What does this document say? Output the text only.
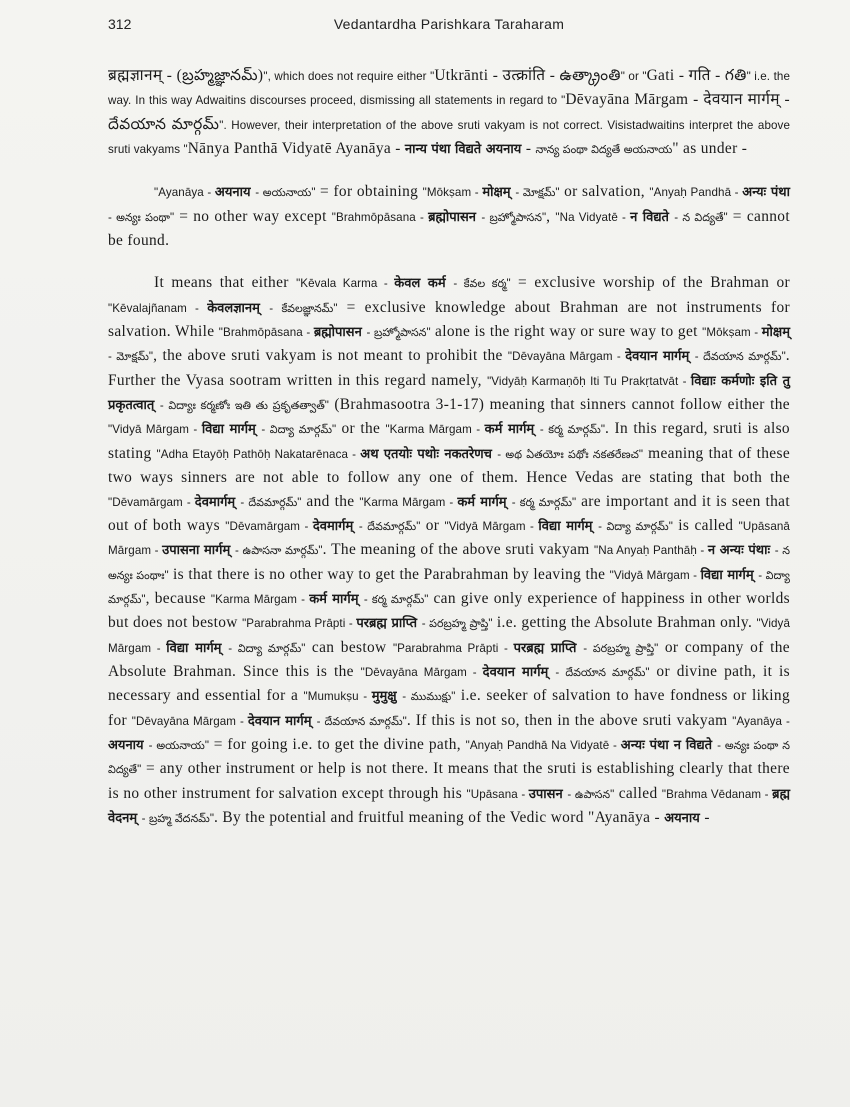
312	Vedantardha Parishkara Taraharam

ब्रह्मज्ञानम् - (బ్రహ్మజ్ఞానమ్)", which does not require either "Utkrānti - उत्क्रांति - ఉత్క్రాంతి" or "Gati - गति - గతి" i.e. the way. In this way Adwaitins discourses proceed, dismissing all statements in regard to "Dēvayāna Mārgam - देवयान मार्गम् - దేవయాన మార్గమ్". However, their interpretation of the above sruti vakyam is not correct. Visistadwaitins interpret the above sruti vakyams "Nānya Panthā Vidyatē Ayanāya - नान्य पंथा विद्यते अयनाय - నాన్య పంథా విద్యతే అయనాయ" as under -

"Ayanāya - अयनाय - అయనాయ" = for obtaining "Mōkṣam - मोक्षम् - మోక్షమ్" or salvation, "Anyaḥ Pandhā - अन्यः पंथा - అన్యః పంథా" = no other way except "Brahmōpāsana - ब्रह्मोपासन - బ్రహ్మోపాసన", "Na Vidyatē - न विद्यते - న విద్యతే" = cannot be found.

It means that either "Kēvala Karma - केवल कर्म - కేవల కర్మ" = exclusive worship of the Brahman or "Kēvalajñanam - केवलज्ञानम् - కేవలజ్ఞానమ్" = exclusive knowledge about Brahman are not instruments for salvation. While "Brahmōpāsana - ब्रह्मोपासन - బ్రహ్మోపాసన" alone is the right way or sure way to get "Mōkṣam - मोक्षम् - మోక్షమ్", the above sruti vakyam is not meant to prohibit the "Dēvayāna Mārgam - देवयान मार्गम् - దేవయాన మార్గమ్". Further the Vyasa sootram written in this regard namely, "Vidyāḥ Karmaṇōḥ Iti Tu Prakṛtatvāt - विद्याः कर्मणोः इति तु प्रकृतत्वात् - విద్యాః కర్మణోః ఇతి తు ప్రకృతత్వాత్" (Brahmasootra 3-1-17) meaning that sinners cannot follow either the "Vidyā Mārgam - विद्या मार्गम् - విద్యా మార్గమ్" or the "Karma Mārgam - कर्म मार्गम् - కర్మ మార్గమ్". In this regard, sruti is also stating "Adha Etayōḥ Pathōḥ Nakatarēnaca - अथ एतयोः पथोः नकतरेणच - అథ ఏతయోః పథోః నకతరేణచ" meaning that of these two ways sinners are not able to follow any one of them. Hence Vedas are stating that both the "Dēvamārgam - देवमार्गम् - దేవమార్గమ్" and the "Karma Mārgam - कर्म मार्गम् - కర్మ మార్గమ్" are important and it is seen that out of both ways "Dēvamārgam - देवमार्गम् - దేవమార్గమ్" or "Vidyā Mārgam - विद्या मार्गम् - విద్యా మార్గమ్" is called "Upāsanā Mārgam - उपासना मार्गम् - ఉపాసనా మార్గమ్". The meaning of the above sruti vakyam "Na Anyaḥ Panthāḥ - न अन्यः पंथाः - న అన్యః పంథాః" is that there is no other way to get the Parabrahman by leaving the "Vidyā Mārgam - विद्या मार्गम् - విద్యా మార్గమ్", because "Karma Mārgam - कर्म मार्गम् - కర్మ మార్గమ్" can give only experience of happiness in other worlds but does not bestow "Parabrahma Prāpti - परब्रह्म प्राप्ति - పరబ్రహ్మ ప్రాప్తి" i.e. getting the Absolute Brahman only. "Vidyā Mārgam - विद्या मार्गम् - విద్యా మార్గమ్" can bestow "Parabrahma Prāpti - परब्रह्म प्राप्ति - పరబ్రహ్మ ప్రాప్తి" or company of the Absolute Brahman. Since this is the "Dēvayāna Mārgam - देवयान मार्गम् - దేవయాన మార్గమ్" or divine path, it is necessary and essential for a "Mumukṣu - मुमुक्षु - ముముక్షు" i.e. seeker of salvation to have fondness or liking for "Dēvayāna Mārgam - देवयान मार्गम् - దేవయాన మార్గమ్". If this is not so, then in the above sruti vakyam "Ayanāya - अयनाय - అయనాయ" = for going i.e. to get the divine path, "Anyaḥ Pandhā Na Vidyatē - अन्यः पंथा न विद्यते - అన్యః పంథా న విద్యతే" = any other instrument or help is not there. It means that the sruti is establishing clearly that there is no other instrument for salvation except through his "Upāsana - उपासन - ఉపాసన" called "Brahma Vēdanam - ब्रह्म वेदनम् - బ్రహ్మ వేదనమ్". By the potential and fruitful meaning of the Vedic word "Ayanāya - अयनाय -
